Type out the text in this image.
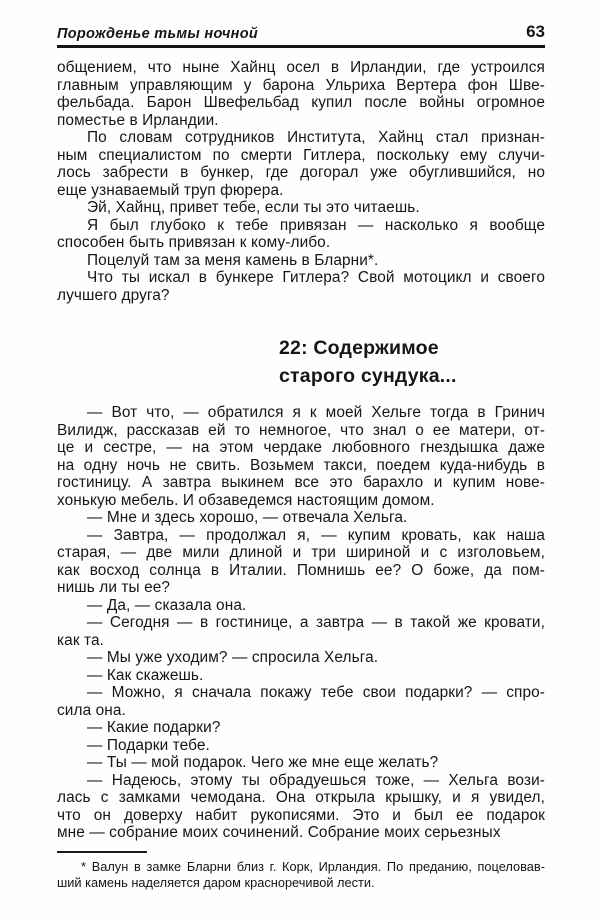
Порожденье тьмы ночной	63
общением, что ныне Хайнц осел в Ирландии, где устроился
главным управляющим у барона Ульриха Вертера фон Шве-
фельбада. Барон Швефельбад купил после войны огромное
поместье в Ирландии.
По словам сотрудников Института, Хайнц стал признан-
ным специалистом по смерти Гитлера, поскольку ему случи-
лось забрести в бункер, где догорал уже обуглившийся, но
еще узнаваемый труп фюрера.
Эй, Хайнц, привет тебе, если ты это читаешь.
Я был глубоко к тебе привязан — насколько я вообще
способен быть привязан к кому-либо.
Поцелуй там за меня камень в Бларни*.
Что ты искал в бункере Гитлера? Свой мотоцикл и своего
лучшего друга?
22: Содержимое
старого сундука...
— Вот что, — обратился я к моей Хельге тогда в Гринич
Вилидж, рассказав ей то немногое, что знал о ее матери, от-
це и сестре, — на этом чердаке любовного гнездышка даже
на одну ночь не свить. Возьмем такси, поедем куда-нибудь в
гостиницу. А завтра выкинем все это барахло и купим нове-
хонькую мебель. И обзаведемся настоящим домом.
— Мне и здесь хорошо, — отвечала Хельга.
— Завтра, — продолжал я, — купим кровать, как наша
старая, — две мили длиной и три шириной и с изголовьем,
как восход солнца в Италии. Помнишь ее? О боже, да пом-
нишь ли ты ее?
— Да, — сказала она.
— Сегодня — в гостинице, а завтра — в такой же кровати,
как та.
— Мы уже уходим? — спросила Хельга.
— Как скажешь.
— Можно, я сначала покажу тебе свои подарки? — спро-
сила она.
— Какие подарки?
— Подарки тебе.
— Ты — мой подарок. Чего же мне еще желать?
— Надеюсь, этому ты обрадуешься тоже, — Хельга вози-
лась с замками чемодана. Она открыла крышку, и я увидел,
что он доверху набит рукописями. Это и был ее подарок
мне — собрание моих сочинений. Собрание моих серьезных
* Валун в замке Бларни близ г. Корк, Ирландия. По преданию, поцеловав-
ший камень наделяется даром красноречивой лести.
